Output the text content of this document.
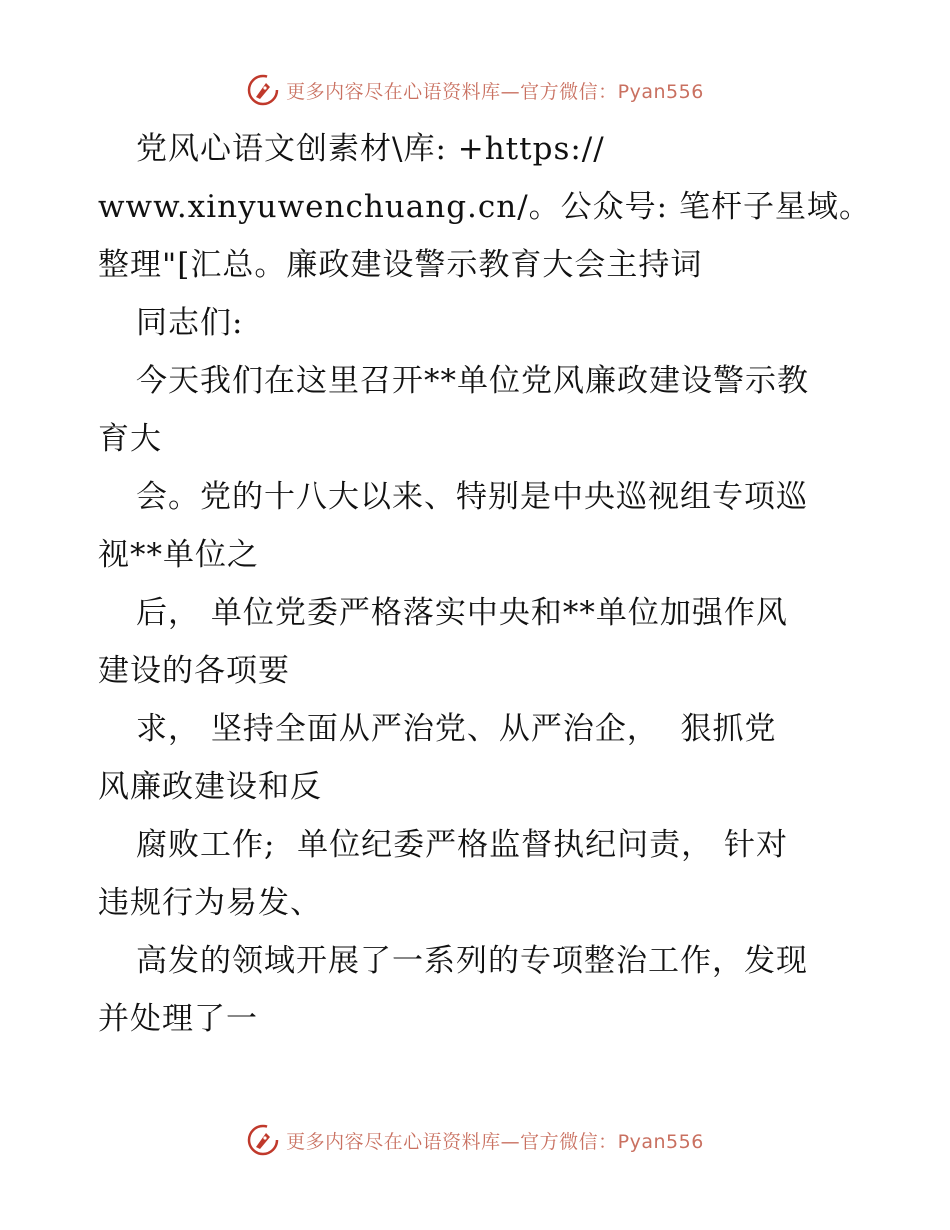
更多内容尽在心语资料库—官方微信：Pyan556
党风心语文创素材\库: +https://
www.xinyuwenchuang.cn/。公众号: 笔杆子星域。
整理"[汇总。廉政建设警示教育大会主持词
同志们:
今天我们在这里召开**单位党风廉政建设警示教
育大
会。党的十八大以来、特别是中央巡视组专项巡
视**单位之
后， 单位党委严格落实中央和**单位加强作风
建设的各项要
求， 坚持全面从严治党、从严治企，  狠抓党
风廉政建设和反
腐败工作;  单位纪委严格监督执纪问责， 针对
违规行为易发、
高发的领域开展了一系列的专项整治工作，发现
并处理了一
更多内容尽在心语资料库—官方微信：Pyan556
